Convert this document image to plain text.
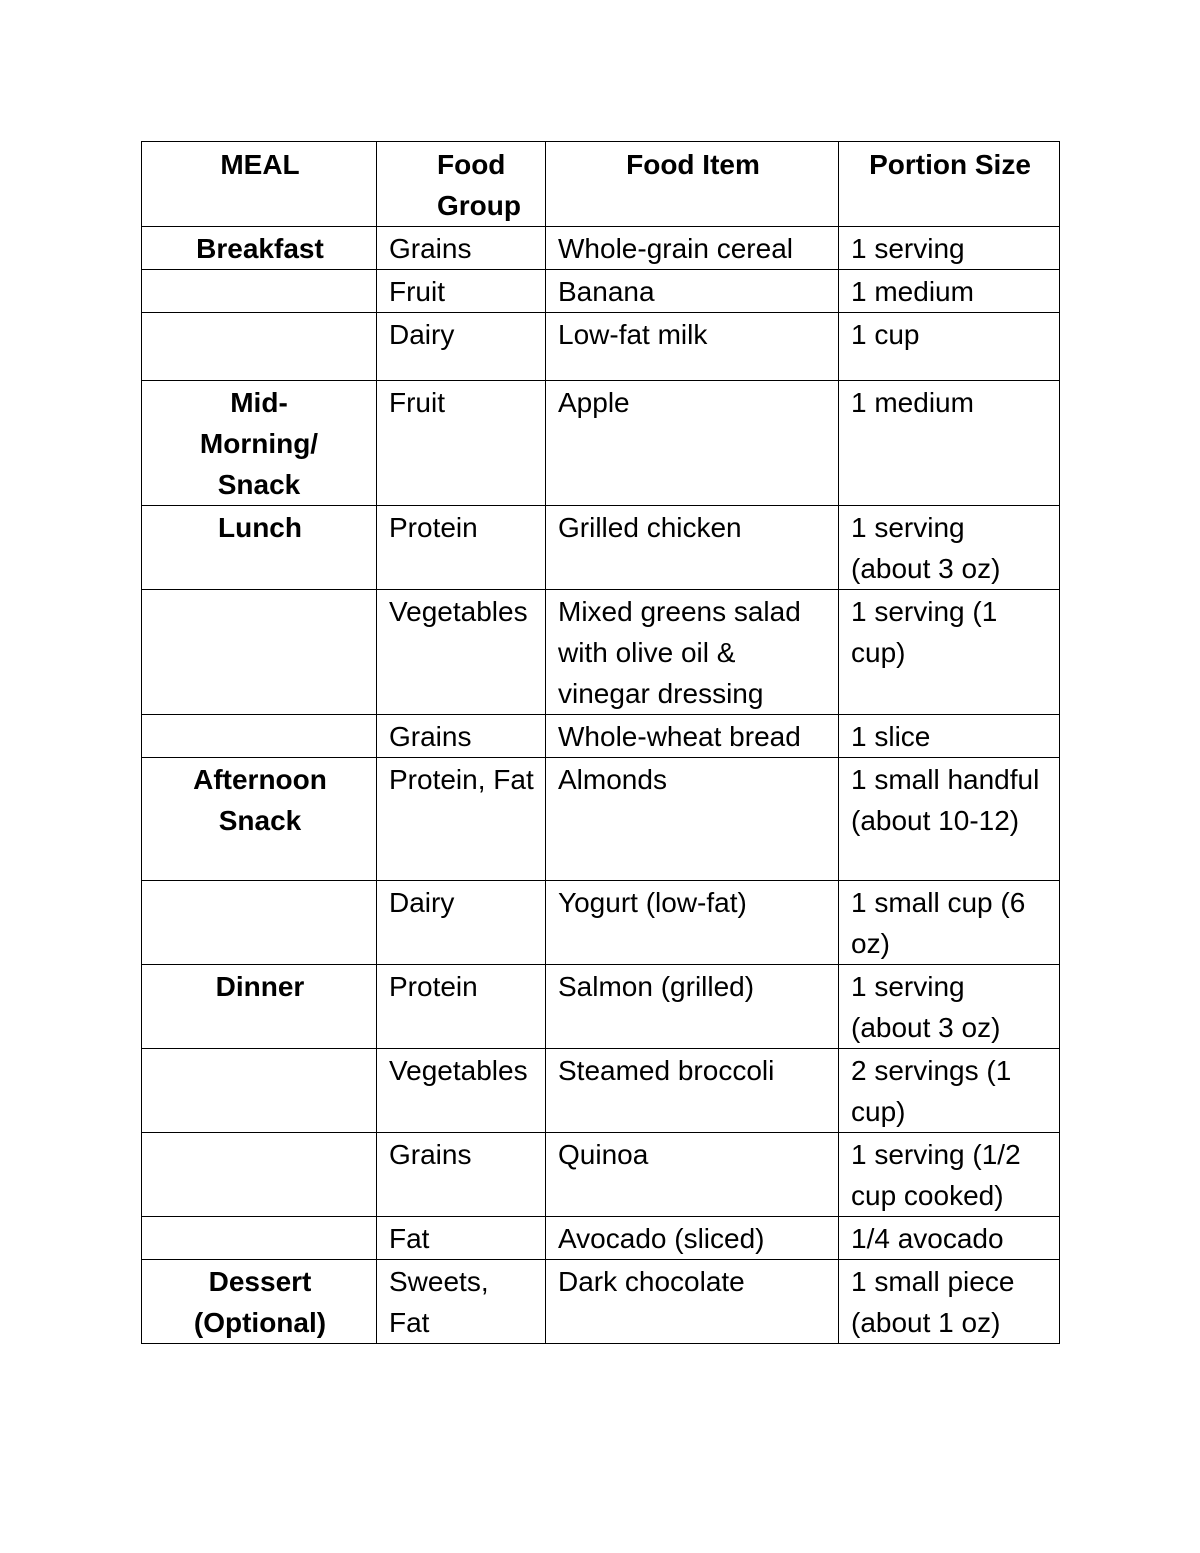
MEAL	Food Group	Food Item	Portion Size
Breakfast	Grains	Whole-grain cereal	1 serving
	Fruit	Banana	1 medium
	Dairy	Low-fat milk	1 cup
Mid-Morning/ Snack	Fruit	Apple	1 medium
Lunch	Protein	Grilled chicken	1 serving (about 3 oz)
	Vegetables	Mixed greens salad with olive oil & vinegar dressing	1 serving (1 cup)
	Grains	Whole-wheat bread	1 slice
Afternoon Snack	Protein, Fat	Almonds	1 small handful (about 10-12)
	Dairy	Yogurt (low-fat)	1 small cup (6 oz)
Dinner	Protein	Salmon (grilled)	1 serving (about 3 oz)
	Vegetables	Steamed broccoli	2 servings (1 cup)
	Grains	Quinoa	1 serving (1/2 cup cooked)
	Fat	Avocado (sliced)	1/4 avocado
Dessert (Optional)	Sweets, Fat	Dark chocolate	1 small piece (about 1 oz)
